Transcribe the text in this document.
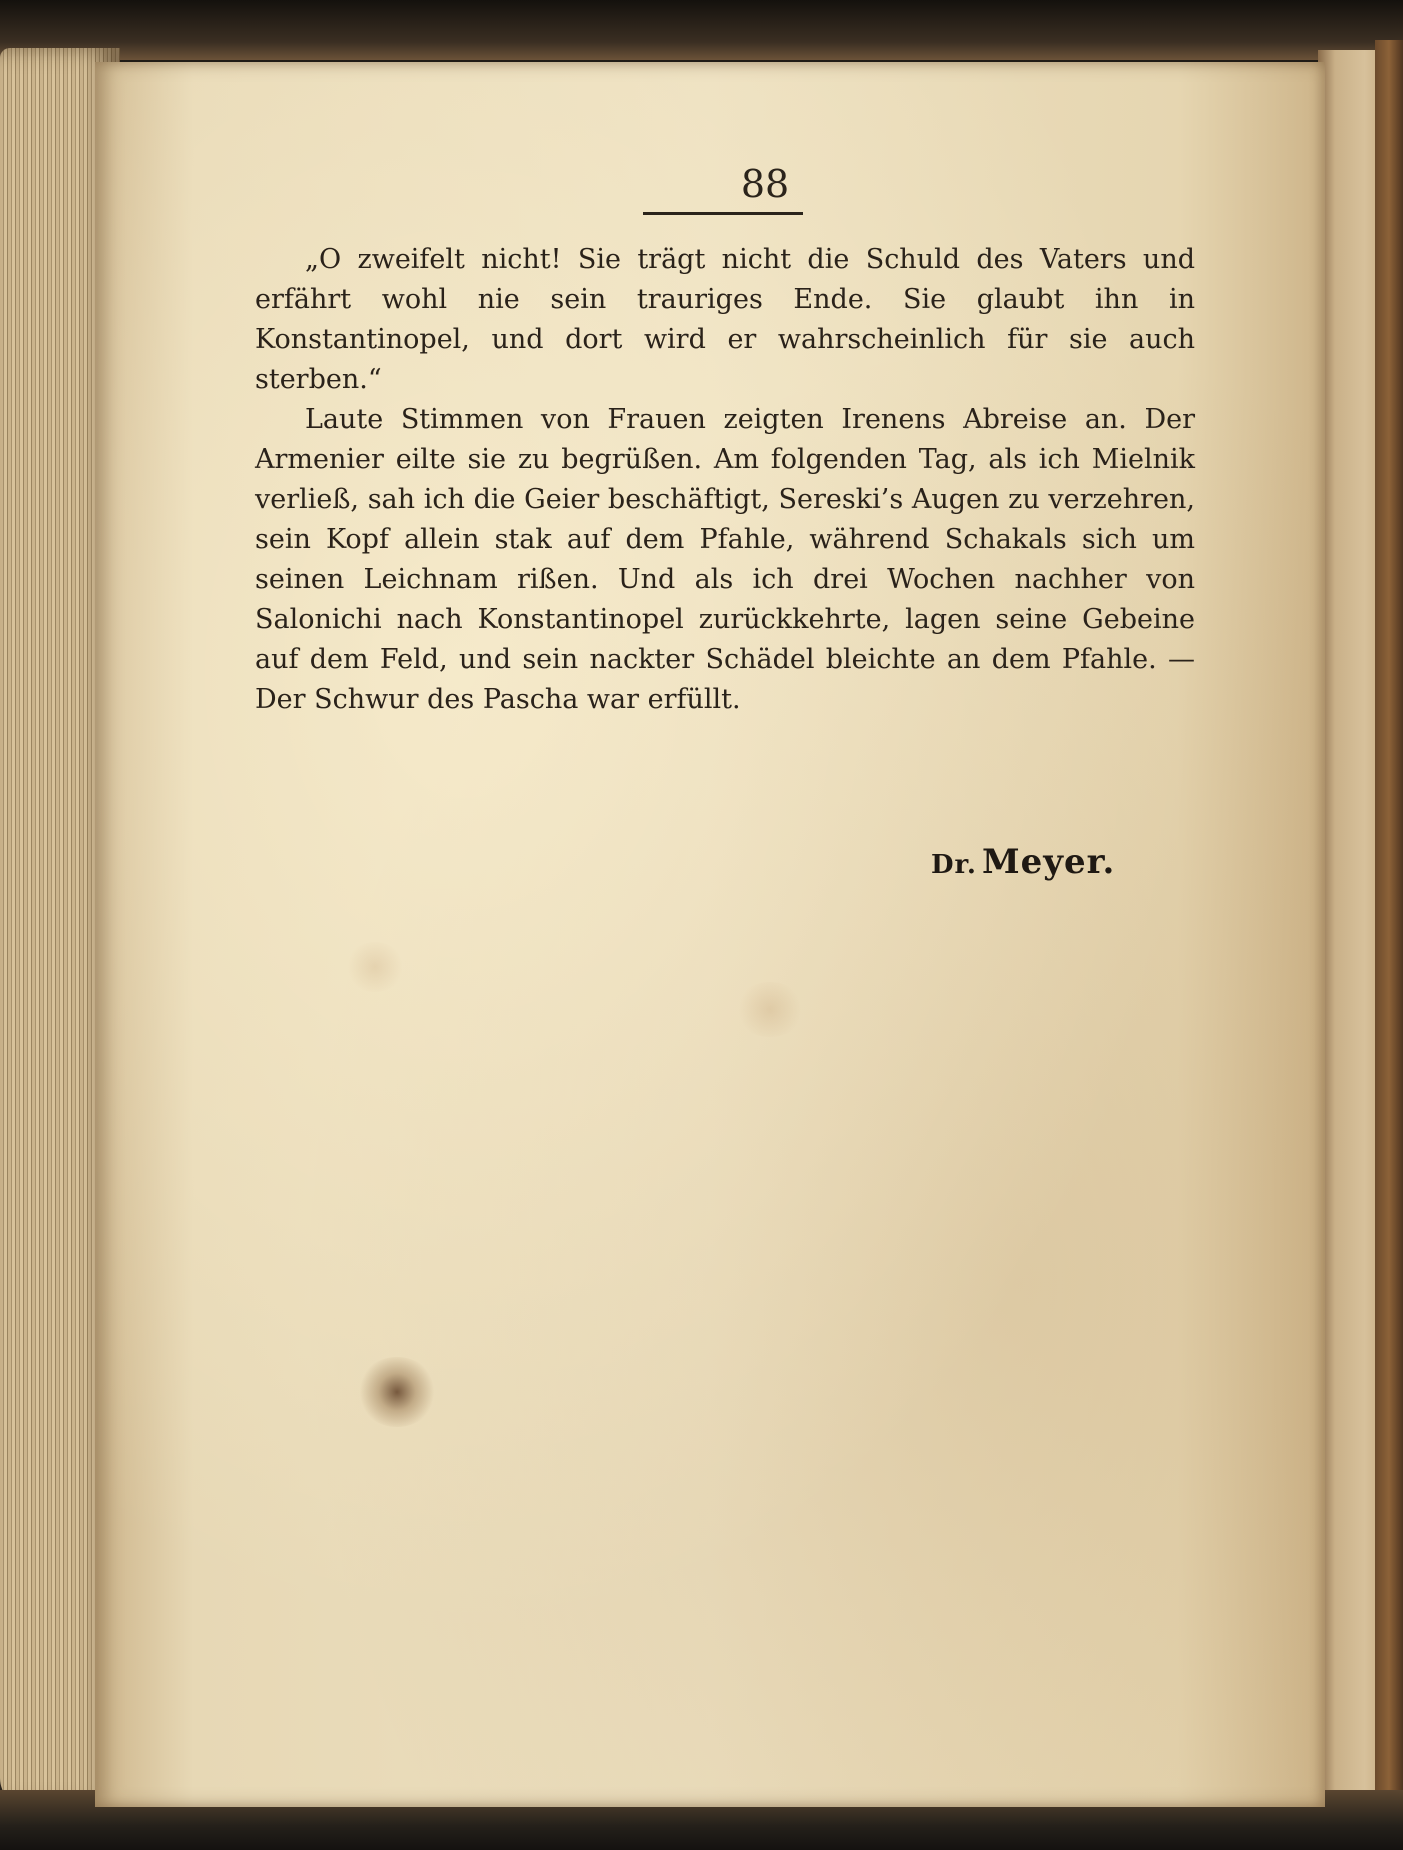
88

„O zweifelt nicht! Sie trägt nicht die Schuld des Vaters und erfährt wohl nie sein trauriges Ende. Sie glaubt ihn in Konstantinopel, und dort wird er wahrscheinlich für sie auch sterben.“

Laute Stimmen von Frauen zeigten Irenens Abreise an. Der Armenier eilte sie zu begrüßen. Am folgenden Tag, als ich Mielnik verließ, sah ich die Geier beschäftigt, Sereski’s Augen zu verzehren, sein Kopf allein stak auf dem Pfahle, während Schakals sich um seinen Leichnam rißen. Und als ich drei Wochen nachher von Salonichi nach Konstantinopel zurückkehrte, lagen seine Gebeine auf dem Feld, und sein nackter Schädel bleichte an dem Pfahle. — Der Schwur des Pascha war erfüllt.

Dr. Meyer.
